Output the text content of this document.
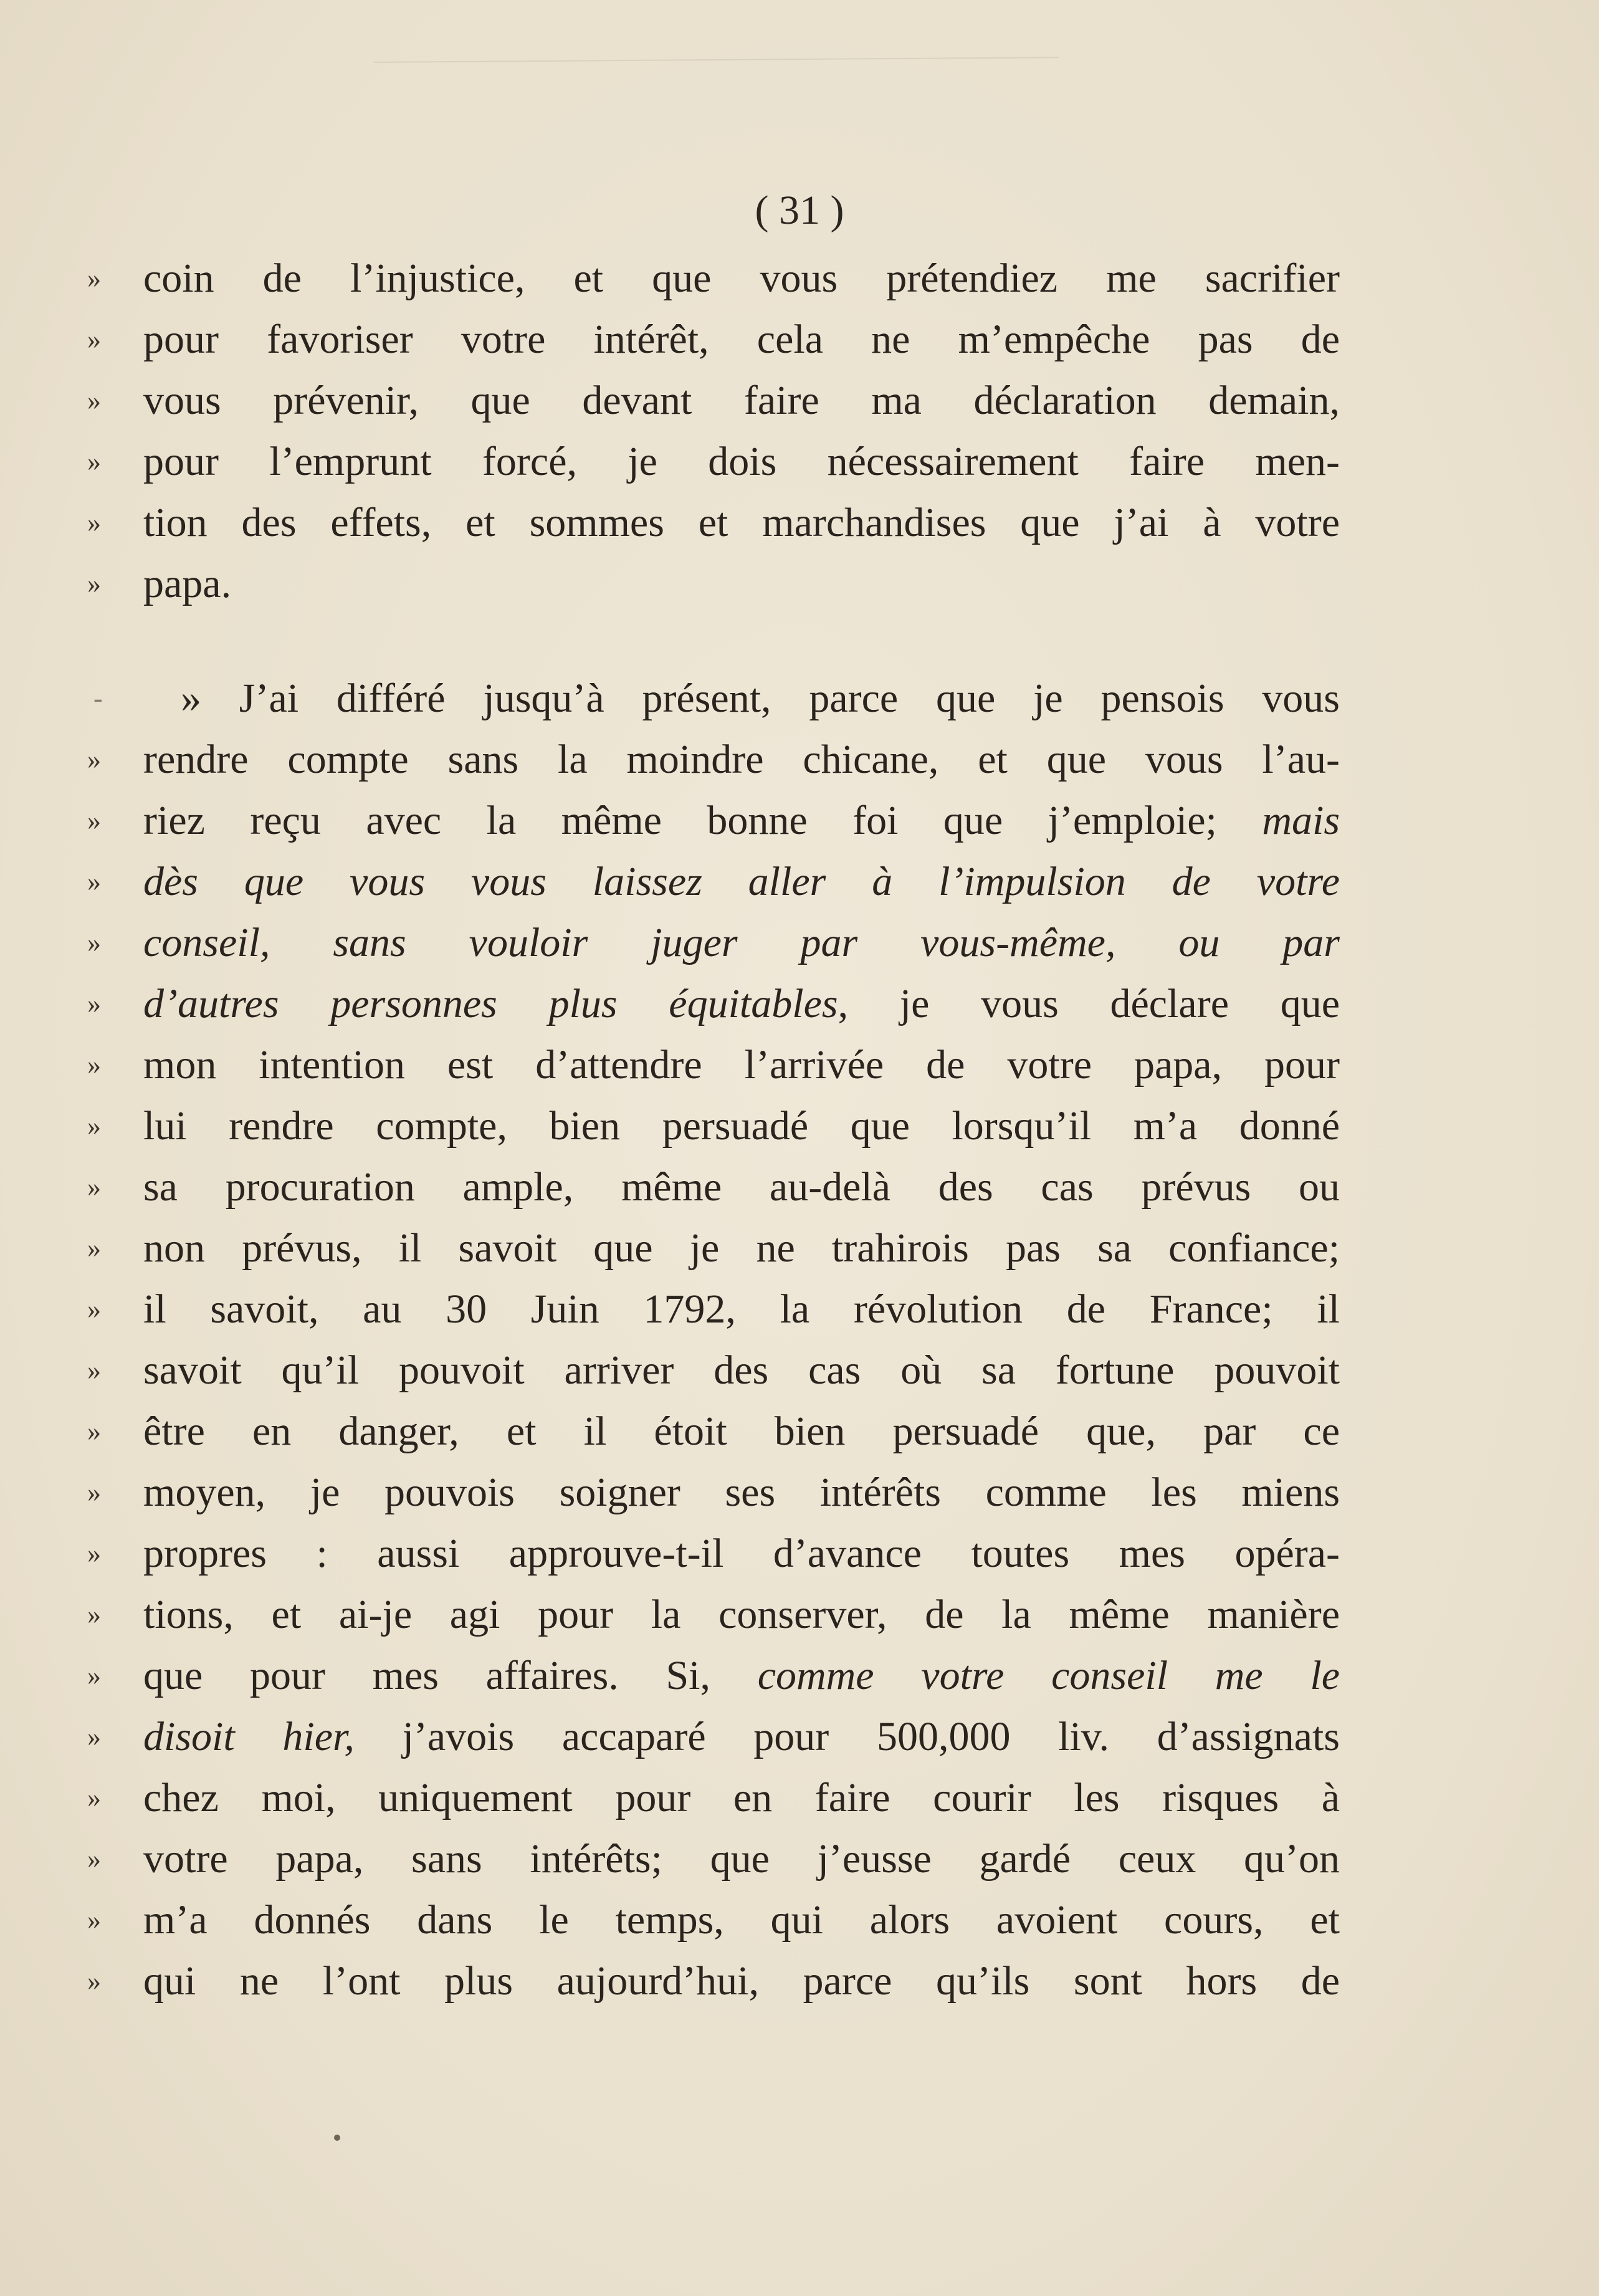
( 31 )
»	coin de l’injustice, et que vous prétendiez me sacrifier
»	pour favoriser votre intérêt, cela ne m’empêche pas de
»	vous prévenir, que devant faire ma déclaration demain,
»	pour l’emprunt forcé, je dois nécessairement faire men-
»	tion des effets, et sommes et marchandises que j’ai à votre
»	papa.
- » J’ai différé jusqu’à présent, parce que je pensois vous
»	rendre compte sans la moindre chicane, et que vous l’au-
»	riez reçu avec la même bonne foi que j’emploie; mais
»	dès que vous vous laissez aller à l’impulsion de votre
»	conseil, sans vouloir juger par vous-même, ou par
»	d’autres personnes plus équitables, je vous déclare que
»	mon intention est d’attendre l’arrivée de votre papa, pour
»	lui rendre compte, bien persuadé que lorsqu’il m’a donné
»	sa procuration ample, même au-delà des cas prévus ou
»	non prévus, il savoit que je ne trahirois pas sa confiance;
»	il savoit, au 30 Juin 1792, la révolution de France; il
»	savoit qu’il pouvoit arriver des cas où sa fortune pouvoit
»	être en danger, et il étoit bien persuadé que, par ce
»	moyen, je pouvois soigner ses intérêts comme les miens
»	propres : aussi approuve-t-il d’avance toutes mes opéra-
»	tions, et ai-je agi pour la conserver, de la même manière
»	que pour mes affaires. Si, comme votre conseil me le
»	disoit hier, j’avois accaparé pour 500,000 liv. d’assignats
»	chez moi, uniquement pour en faire courir les risques à
»	votre papa, sans intérêts; que j’eusse gardé ceux qu’on
»	m’a donnés dans le temps, qui alors avoient cours, et
»	qui ne l’ont plus aujourd’hui, parce qu’ils sont hors de
